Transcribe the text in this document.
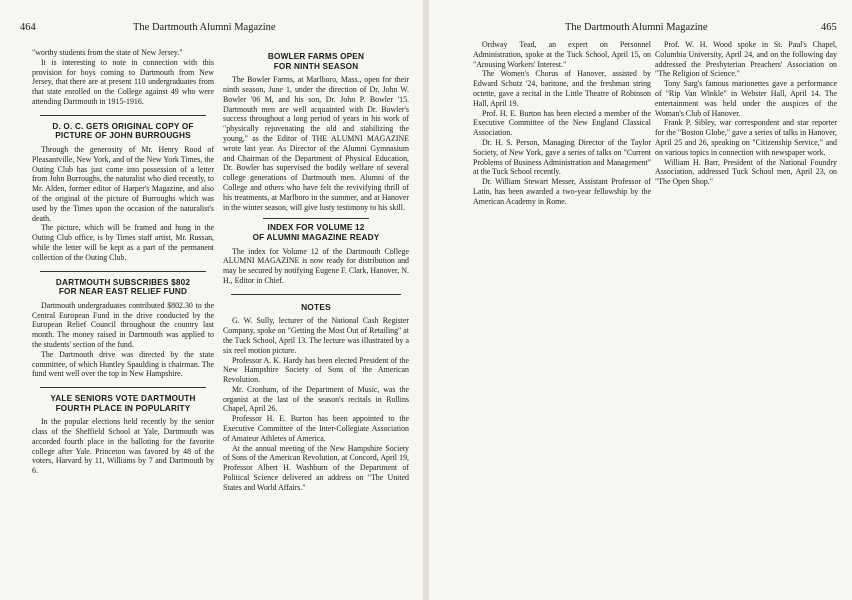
464	The Dartmouth Alumni Magazine

"worthy students from the state of New Jersey."

It is interesting to note in connection with this provision for boys coming to Dartmouth from New Jersey, that there are at present 110 undergraduates from that state enrolled on the College against 49 who were attending Dartmouth in 1915-1916.

D. O. C. GETS ORIGINAL COPY OF
PICTURE OF JOHN BURROUGHS

Through the generosity of Mr. Henry Rood of Pleasantville, New York, and of the New York Times, the Outing Club has just come into possession of a letter from John Burroughs, the naturalist who died recently, to Mr. Alden, former editor of Harper's Magazine, and also of the original of the picture of Burroughs which was used by the Times upon the occasion of the naturalist's death.

The picture, which will be framed and hung in the Outing Club office, is by Times staff artist, Mr. Russan, while the letter will be kept as a part of the permanent collection of the Outing Club.

DARTMOUTH SUBSCRIBES $802
FOR NEAR EAST RELIEF FUND

Dartmouth undergraduates contributed $802.30 to the Central European Fund in the drive conducted by the European Relief Council throughout the country last month. The money raised in Dartmouth was applied to the students' section of the fund.

The Dartmouth drive was directed by the state committee, of which Huntley Spaulding is chairman. The fund went well over the top in New Hampshire.

YALE SENIORS VOTE DARTMOUTH
FOURTH PLACE IN POPULARITY

In the popular elections held recently by the senior class of the Sheffield School at Yale, Dartmouth was accorded fourth place in the balloting for the favorite college after Yale. Princeton was favored by 48 of the voters, Harvard by 11, Williams by 7 and Dartmouth by 6.

BOWLER FARMS OPEN
FOR NINTH SEASON

The Bowler Farms, at Marlboro, Mass., open for their ninth season, June 1, under the direction of Dr. John W. Bowler '06 M, and his son, Dr. John P. Bowler '15. Dartmouth men are well acquainted with Dr. Bowler's success throughout a long period of years in his work of "physically rejuvenating the old and stabilizing the young," as the Editor of THE ALUMNI MAGAZINE wrote last year. As Director of the Alumni Gymnasium and Chairman of the Department of Physical Education, Dr. Bowler has supervised the bodily welfare of several college generations of Dartmouth men. Alumni of the College and others who have felt the revivifying thrill of his treatments, at Marlboro in the summer, and at Hanover in the winter season, will give lusty testimony to his skill.

INDEX FOR VOLUME 12
OF ALUMNI MAGAZINE READY

The index for Volume 12 of the Dartmouth College ALUMNI MAGAZINE is now ready for distribution and may be secured by notifying Eugene F. Clark, Hanover, N. H., Editor in Chief.

NOTES

G. W. Sully, lecturer of the National Cash Register Company, spoke on "Getting the Most Out of Retailing" at the Tuck School, April 13. The lecture was illustrated by a six reel motion picture.

Professor A. K. Hardy has been elected President of the New Hampshire Society of Sons of the American Revolution.

Mr. Cronham, of the Department of Music, was the organist at the last of the season's recitals in Rollins Chapel, April 26.

Professor H. E. Burton has been appointed to the Executive Committee of the Inter-Collegiate Association of Amateur Athletes of America.

At the annual meeting of the New Hampshire Society of Sons of the American Revolution, at Concord, April 19, Professor Albert H. Washburn of the Department of Political Science delivered an address on "The United States and World Affairs."

The Dartmouth Alumni Magazine	465

Ordway Tead, an expert on Personnel Administration, spoke at the Tuck School, April 15, on "Arousing Workers' Interest."

The Women's Chorus of Hanover, assisted by Edward Schutz '24, baritone, and the freshman string octette, gave a recital in the Little Theatre of Robinson Hall, April 19.

Prof. H. E. Burton has been elected a member of the Executive Committee of the New England Classical Association.

Dr. H. S. Person, Managing Director of the Taylor Society, of New York, gave a series of talks on "Current Problems of Business Administration and Management" at the Tuck School recently.

Dr. William Stewart Messer, Assistant Professor of Latin, has been awarded a two-year fellowship by the American Academy in Rome.

Prof. W. H. Wood spoke in St. Paul's Chapel, Columbia University, April 24, and on the following day addressed the Presbyterian Preachers' Association on "The Religion of Science."

Tony Sarg's famous marionettes gave a performance of "Rip Van Winkle" in Webster Hall, April 14. The entertainment was held under the auspices of the Woman's Club of Hanover.

Frank P. Sibley, war correspondent and star reporter for the "Boston Globe," gave a series of talks in Hanover, April 25 and 26, speaking on "Citizenship Service," and on various topics in connection with newspaper work.

William H. Barr, President of the National Foundry Association, addressed Tuck School men, April 23, on "The Open Shop."
